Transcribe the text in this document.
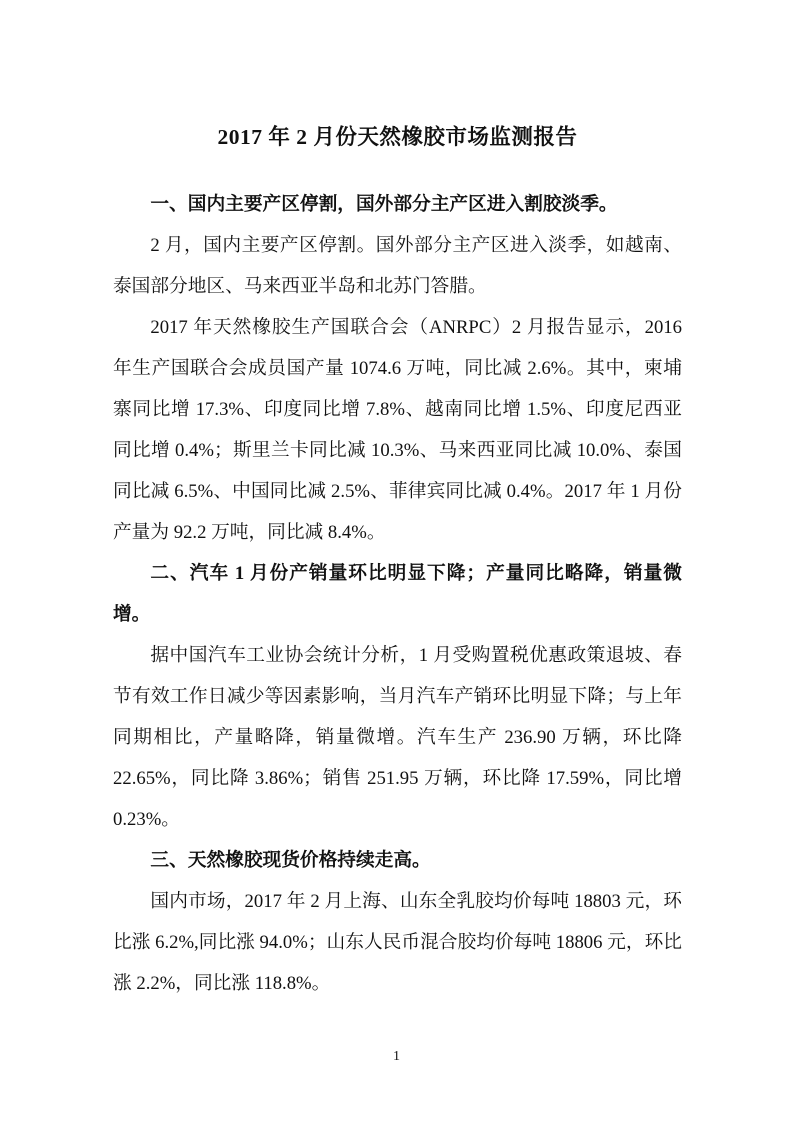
2017 年 2 月份天然橡胶市场监测报告
一、国内主要产区停割，国外部分主产区进入割胶淡季。

2 月，国内主要产区停割。国外部分主产区进入淡季，如越南、泰国部分地区、马来西亚半岛和北苏门答腊。

2017 年天然橡胶生产国联合会（ANRPC）2 月报告显示，2016 年生产国联合会成员国产量 1074.6 万吨，同比减 2.6%。其中，柬埔寨同比增 17.3%、印度同比增 7.8%、越南同比增 1.5%、印度尼西亚同比增 0.4%；斯里兰卡同比减 10.3%、马来西亚同比减 10.0%、泰国同比减 6.5%、中国同比减 2.5%、菲律宾同比减 0.4%。2017 年 1 月份产量为 92.2 万吨，同比减 8.4%。

二、汽车 1 月份产销量环比明显下降；产量同比略降，销量微增。

据中国汽车工业协会统计分析，1 月受购置税优惠政策退坡、春节有效工作日减少等因素影响，当月汽车产销环比明显下降；与上年同期相比，产量略降，销量微增。汽车生产 236.90 万辆，环比降 22.65%，同比降 3.86%；销售 251.95 万辆，环比降 17.59%，同比增 0.23%。

三、天然橡胶现货价格持续走高。

国内市场，2017 年 2 月上海、山东全乳胶均价每吨 18803 元，环比涨 6.2%,同比涨 94.0%；山东人民币混合胶均价每吨 18806 元，环比涨 2.2%，同比涨 118.8%。

1
